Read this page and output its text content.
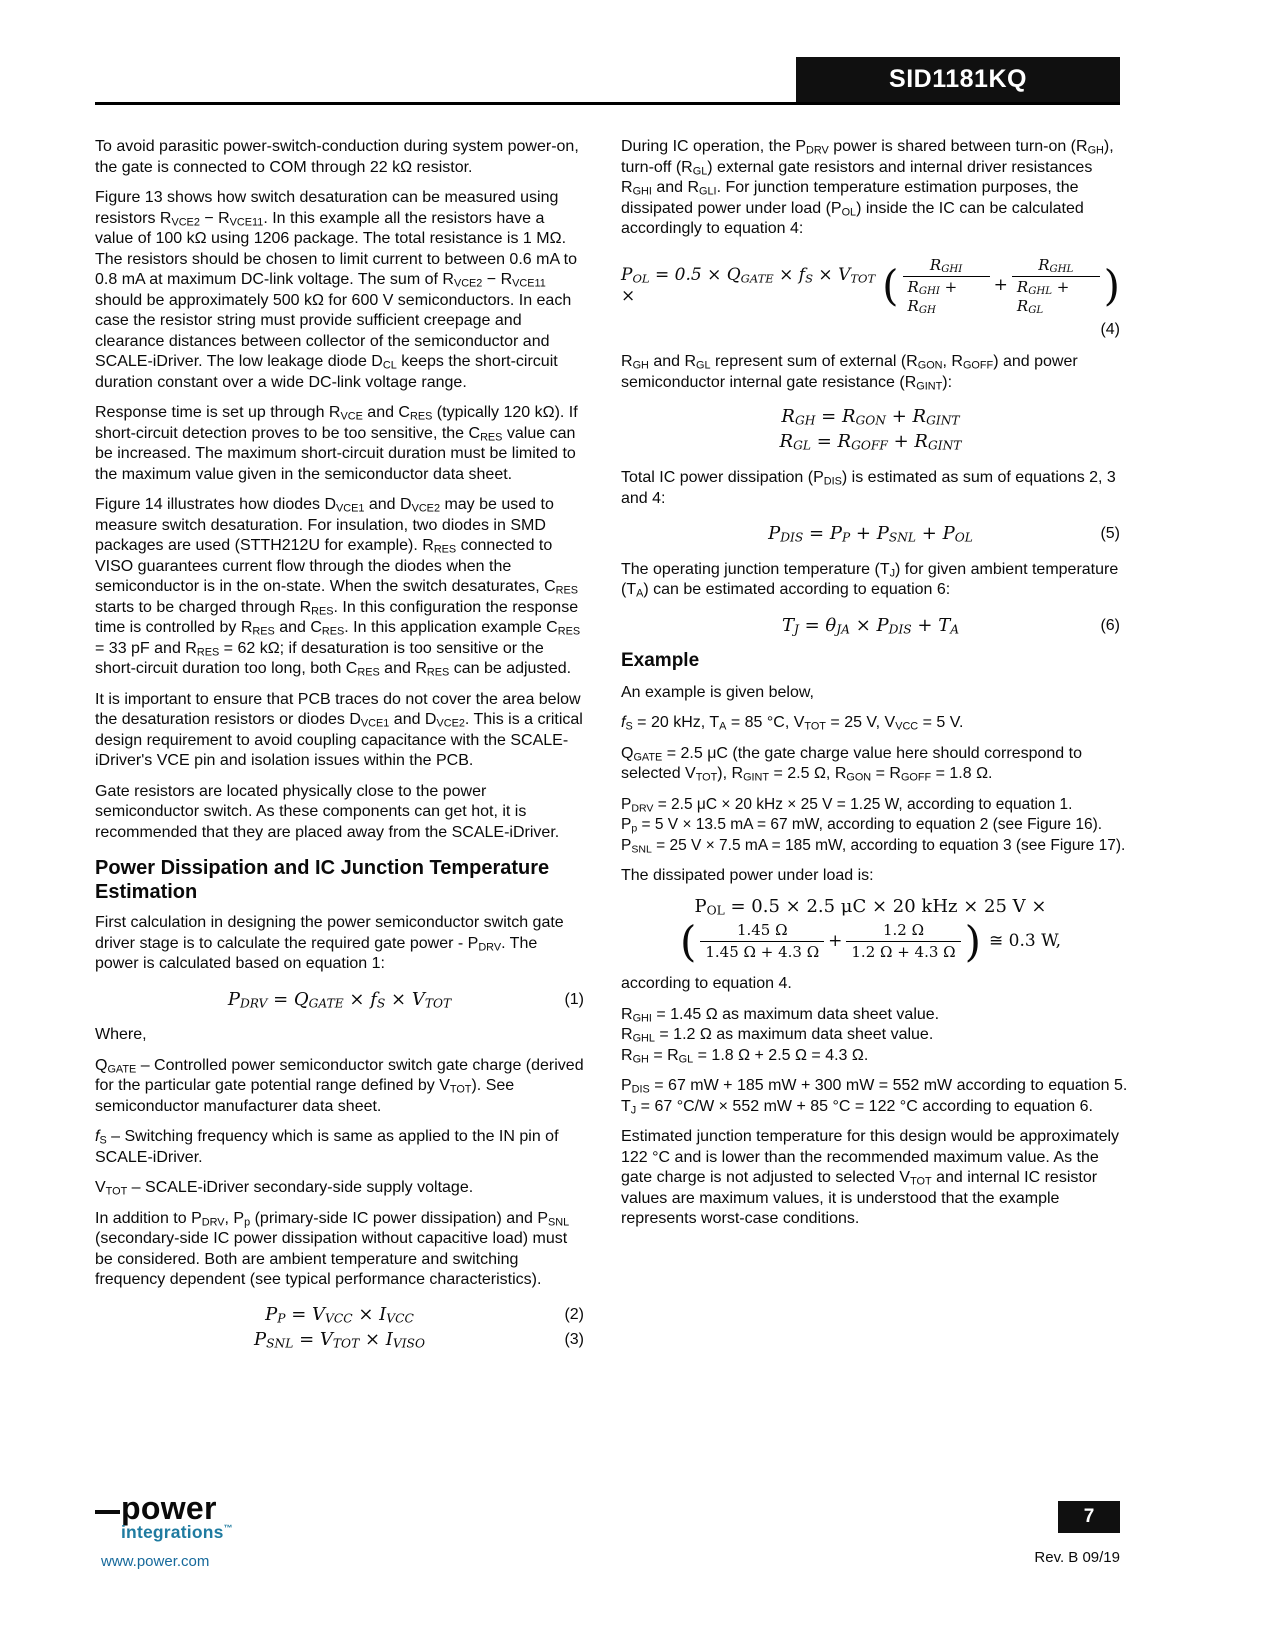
SID1181KQ

To avoid parasitic power-switch-conduction during system power-on, the gate is connected to COM through 22 kΩ resistor.

Figure 13 shows how switch desaturation can be measured using resistors $R_{VCE2} - R_{VCE11}$. In this example all the resistors have a value of 100 kΩ using 1206 package. The total resistance is 1 MΩ. The resistors should be chosen to limit current to between 0.6 mA to 0.8 mA at maximum DC-link voltage. The sum of $R_{VCE2} - R_{VCE11}$ should be approximately 500 kΩ for 600 V semiconductors. In each case the resistor string must provide sufficient creepage and clearance distances between collector of the semiconductor and SCALE-iDriver. The low leakage diode $D_{CL}$ keeps the short-circuit duration constant over a wide DC-link voltage range.

Response time is set up through $R_{VCE}$ and $C_{RES}$ (typically 120 kΩ). If short-circuit detection proves to be too sensitive, the $C_{RES}$ value can be increased. The maximum short-circuit duration must be limited to the maximum value given in the semiconductor data sheet.

Figure 14 illustrates how diodes $D_{VCE1}$ and $D_{VCE2}$ may be used to measure switch desaturation. For insulation, two diodes in SMD packages are used (STTH212U for example). $R_{RES}$ connected to VISO guarantees current flow through the diodes when the semiconductor is in the on-state. When the switch desaturates, $C_{RES}$ starts to be charged through $R_{RES}$. In this configuration the response time is controlled by $R_{RES}$ and $C_{RES}$. In this application example $C_{RES} = 33$ pF and $R_{RES} = 62$ kΩ; if desaturation is too sensitive or the short-circuit duration too long, both $C_{RES}$ and $R_{RES}$ can be adjusted.

It is important to ensure that PCB traces do not cover the area below the desaturation resistors or diodes $D_{VCE1}$ and $D_{VCE2}$. This is a critical design requirement to avoid coupling capacitance with the SCALE-iDriver's VCE pin and isolation issues within the PCB.

Gate resistors are located physically close to the power semiconductor switch. As these components can get hot, it is recommended that they are placed away from the SCALE-iDriver.

Power Dissipation and IC Junction Temperature Estimation

First calculation in designing the power semiconductor switch gate driver stage is to calculate the required gate power - $P_{DRV}$. The power is calculated based on equation 1:

$P_{DRV} = Q_{GATE} \times f_S \times V_{TOT}$	(1)

Where,

$Q_{GATE}$ – Controlled power semiconductor switch gate charge (derived for the particular gate potential range defined by $V_{TOT}$). See semiconductor manufacturer data sheet.

$f_S$ – Switching frequency which is same as applied to the IN pin of SCALE-iDriver.

$V_{TOT}$ – SCALE-iDriver secondary-side supply voltage.

In addition to $P_{DRV}$, $P_p$ (primary-side IC power dissipation) and $P_{SNL}$ (secondary-side IC power dissipation without capacitive load) must be considered. Both are ambient temperature and switching frequency dependent (see typical performance characteristics).

$P_P = V_{VCC} \times I_{VCC}$	(2)
$P_{SNL} = V_{TOT} \times I_{VISO}$	(3)

During IC operation, the $P_{DRV}$ power is shared between turn-on $(R_{GH})$, turn-off $(R_{GL})$ external gate resistors and internal driver resistances $R_{GHI}$ and $R_{GLI}$. For junction temperature estimation purposes, the dissipated power under load $(P_{OL})$ inside the IC can be calculated accordingly to equation 4:

$P_{OL} = 0.5 \times Q_{GATE} \times f_S \times V_{TOT}$ ×	( $\frac{R_{GHI}}{R_{GHI} + R_{GH}} + \frac{R_{GHL}}{R_{GHL} + R_{GL}}$ )
(4)

$R_{GH}$ and $R_{GL}$ represent sum of external ($R_{GON}$, $R_{GOFF}$) and power semiconductor internal gate resistance $(R_{GINT})$:

$R_{GH} = R_{GON} + R_{GINT}$
$R_{GL} = R_{GOFF} + R_{GINT}$

Total IC power dissipation $(P_{DIS})$ is estimated as sum of equations 2, 3 and 4:

$P_{DIS} = P_P + P_{SNL} + P_{OL}$	(5)

The operating junction temperature $(T_J)$ for given ambient temperature $(T_A)$ can be estimated according to equation 6:

$T_J = \theta_{JA} \times P_{DIS} + T_A$	(6)
Example

An example is given below,

$f_S = 20$ kHz, $T_A = 85$ °C, $V_{TOT} = 25$ V, $V_{VCC} = 5$ V.

$Q_{GATE} = 2.5$ μC (the gate charge value here should correspond to selected $V_{TOT}$), $R_{GINT} = 2.5$ Ω, $R_{GON} = R_{GOFF} = 1.8$ Ω.

$P_{DRV} = 2.5$ μC × 20 kHz × 25 V = 1.25 W, according to equation 1.
$P_p = 5$ V × 13.5 mA = 67 mW, according to equation 2 (see Figure 16).
$P_{SNL} = 25$ V × 7.5 mA = 185 mW, according to equation 3 (see Figure 17).

The dissipated power under load is:

$P_{OL} = 0.5 \times 2.5$ μC × 20 kHz × 25 V ×
( $\frac{1.45 \Omega}{1.45 \Omega + 4.3 \Omega} + \frac{1.2 \Omega}{1.2 \Omega + 4.3 \Omega}$ ) ≅ 0.3 W,

according to equation 4.

$R_{GHI} = 1.45$ Ω as maximum data sheet value.
$R_{GHL} = 1.2$ Ω as maximum data sheet value.
$R_{GH} = R_{GL} = 1.8$ Ω + 2.5 Ω = 4.3 Ω.
$P_{DIS} = 67$ mW + 185 mW + 300 mW = 552 mW according to equation 5.
$T_J = 67$ °C/W × 552 mW + 85 °C = 122 °C according to equation 6.

Estimated junction temperature for this design would be approximately 122 °C and is lower than the recommended maximum value. As the gate charge is not adjusted to selected $V_{TOT}$ and internal IC resistor values are maximum values, it is understood that the example represents worst-case conditions.

power
integrations™
www.power.com
7
Rev. B 09/19
